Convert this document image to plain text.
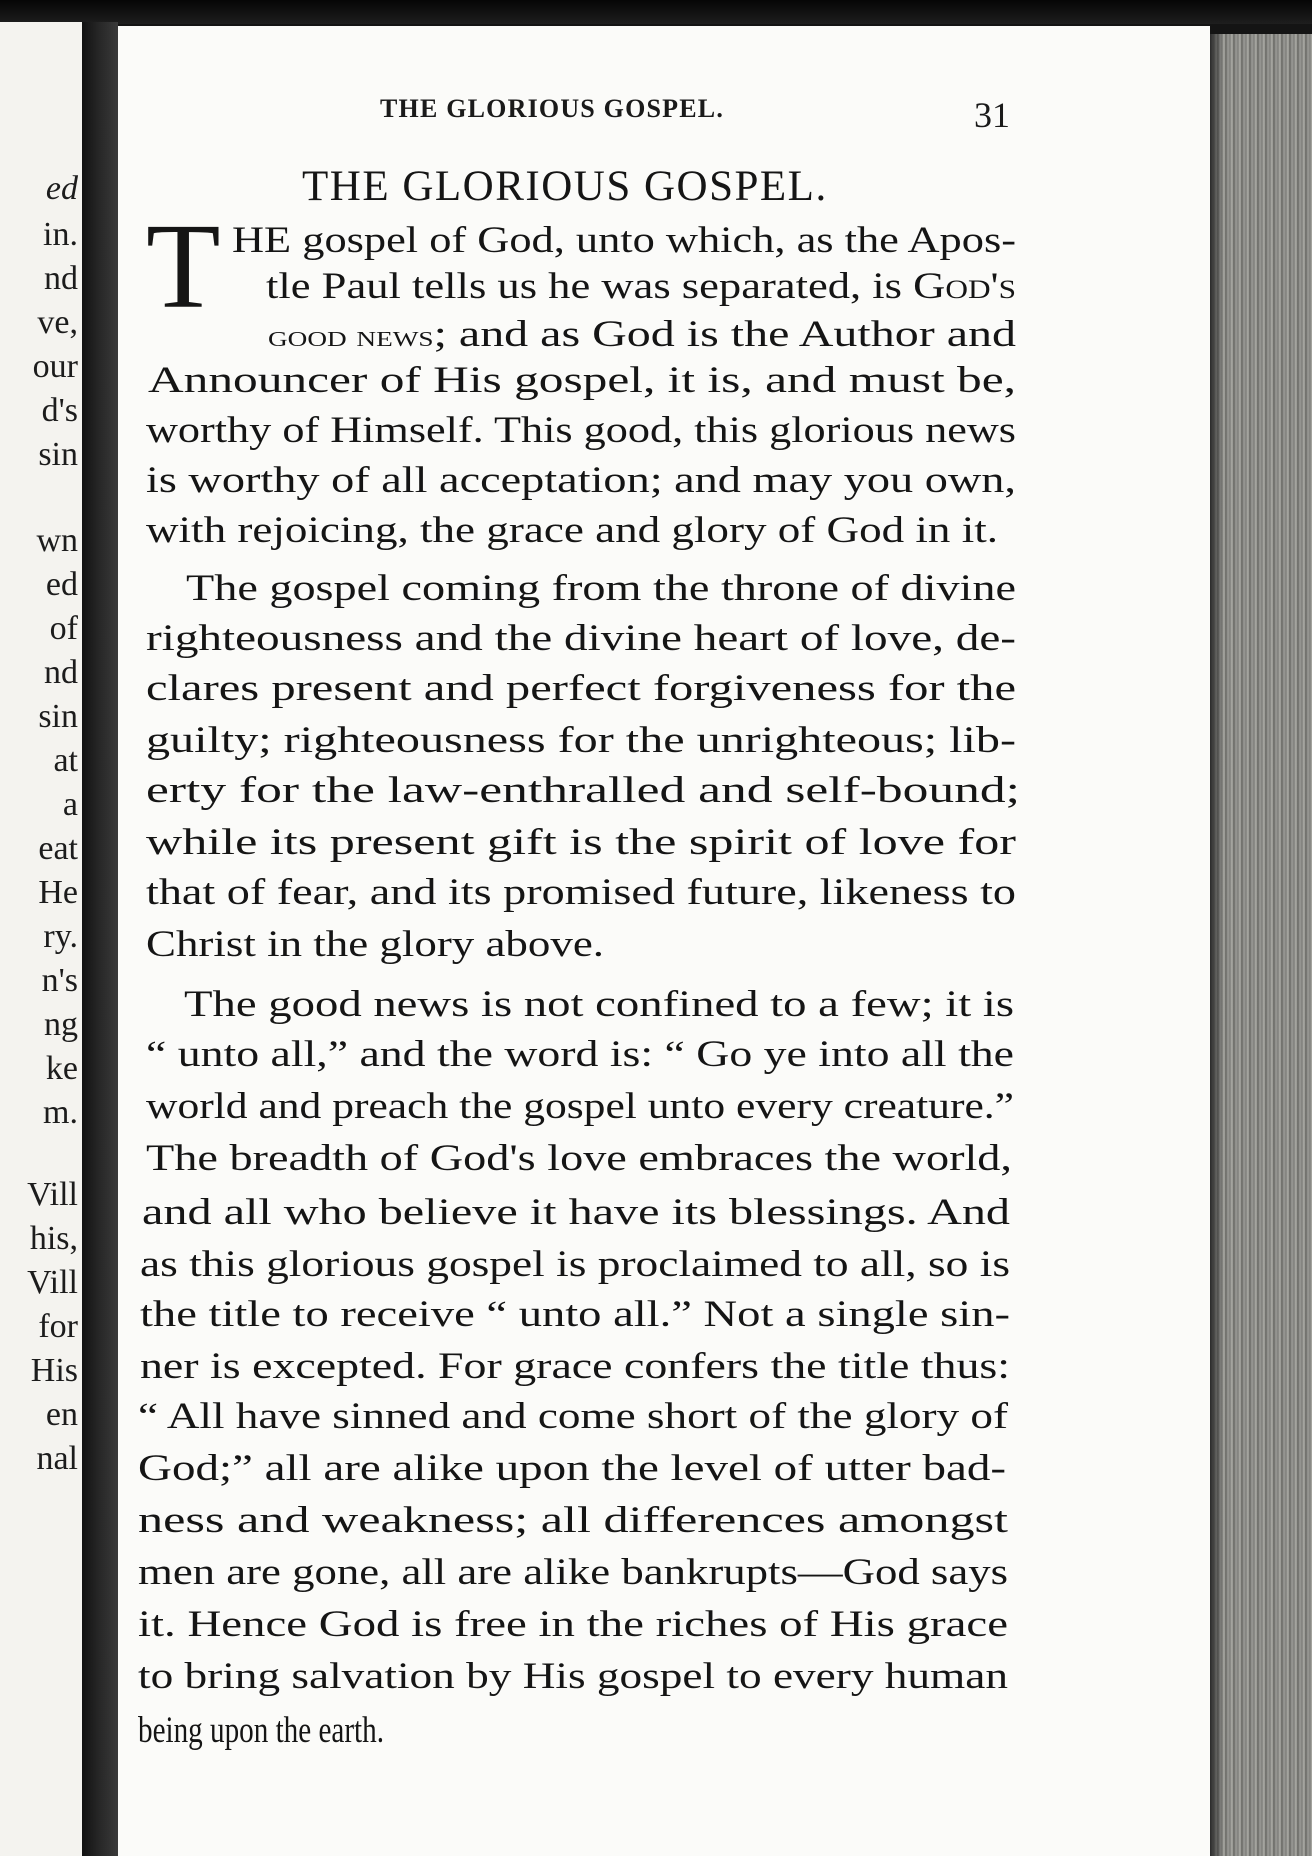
ed
in.
nd
ve,
our
d's
sin
wn
ed
of
nd
sin
at
a
eat
He
ry.
n's
ng
ke
m.
Vill
his,
Vill
for
His
en
nal
THE GLORIOUS GOSPEL.	31
THE GLORIOUS GOSPEL.
T HE gospel of God, unto which, as the Apos-
tle Paul tells us he was separated, is God's
good news; and as God is the Author and
Announcer of His gospel, it is, and must be,
worthy of Himself. This good, this glorious news
is worthy of all acceptation; and may you own,
with rejoicing, the grace and glory of God in it.
The gospel coming from the throne of divine
righteousness and the divine heart of love, de-
clares present and perfect forgiveness for the
guilty; righteousness for the unrighteous; lib-
erty for the law-enthralled and self-bound;
while its present gift is the spirit of love for
that of fear, and its promised future, likeness to
Christ in the glory above.
The good news is not confined to a few; it is
“ unto all,” and the word is: “ Go ye into all the
world and preach the gospel unto every creature.”
The breadth of God's love embraces the world,
and all who believe it have its blessings. And
as this glorious gospel is proclaimed to all, so is
the title to receive “ unto all.” Not a single sin-
ner is excepted. For grace confers the title thus:
“ All have sinned and come short of the glory of
God;” all are alike upon the level of utter bad-
ness and weakness; all differences amongst
men are gone, all are alike bankrupts—God says
it. Hence God is free in the riches of His grace
to bring salvation by His gospel to every human
being upon the earth.
